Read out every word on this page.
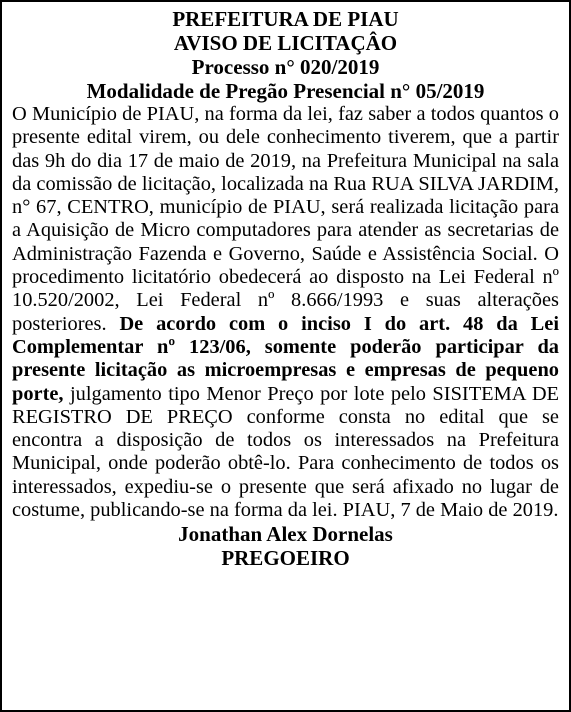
PREFEITURA DE PIAU

AVISO DE LICITAÇÂO

Processo n° 020/2019

Modalidade de Pregão Presencial n° 05/2019

O Município de PIAU, na forma da lei, faz saber a todos quantos o presente edital virem, ou dele conhecimento tiverem, que a partir das 9h do dia 17 de maio de 2019, na Prefeitura Municipal na sala da comissão de licitação, localizada na Rua RUA SILVA JARDIM, n° 67, CENTRO, município de PIAU, será realizada licitação para a Aquisição de Micro computadores para atender as secretarias de Administração Fazenda e Governo, Saúde e Assistência Social. O procedimento licitatório obedecerá ao disposto na Lei Federal nº 10.520/2002, Lei Federal nº 8.666/1993 e suas alterações posteriores. De acordo com o inciso I do art. 48 da Lei Complementar nº 123/06, somente poderão participar da presente licitação as microempresas e empresas de pequeno porte, julgamento tipo Menor Preço por lote pelo SISITEMA DE REGISTRO DE PREÇO conforme consta no edital que se encontra a disposição de todos os interessados na Prefeitura Municipal, onde poderão obtê-lo. Para conhecimento de todos os interessados, expediu-se o presente que será afixado no lugar de costume, publicando-se na forma da lei. PIAU, 7 de Maio de 2019.

Jonathan Alex Dornelas

PREGOEIRO
